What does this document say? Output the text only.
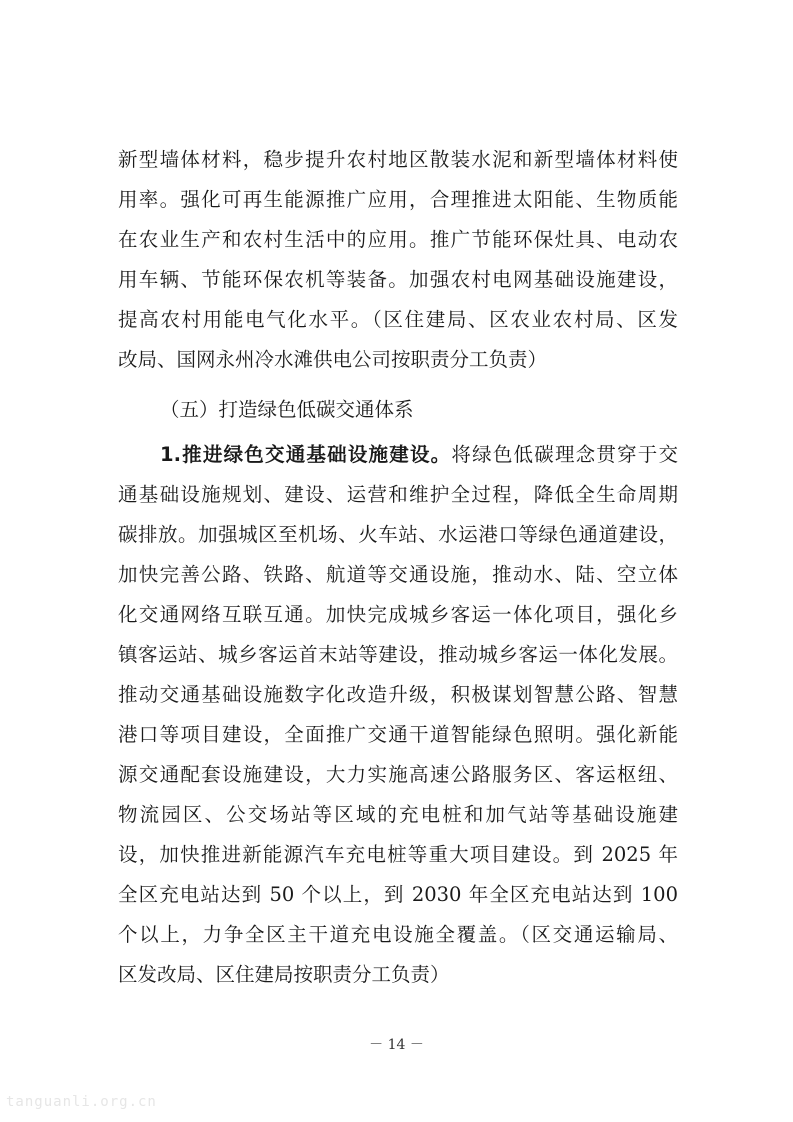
新型墙体材料，稳步提升农村地区散装水泥和新型墙体材料使
用率。强化可再生能源推广应用，合理推进太阳能、生物质能
在农业生产和农村生活中的应用。推广节能环保灶具、电动农
用车辆、节能环保农机等装备。加强农村电网基础设施建设，
提高农村用能电气化水平。（区住建局、区农业农村局、区发
改局、国网永州冷水滩供电公司按职责分工负责）
（五）打造绿色低碳交通体系
1.推进绿色交通基础设施建设。将绿色低碳理念贯穿于交
通基础设施规划、建设、运营和维护全过程，降低全生命周期
碳排放。加强城区至机场、火车站、水运港口等绿色通道建设，
加快完善公路、铁路、航道等交通设施，推动水、陆、空立体
化交通网络互联互通。加快完成城乡客运一体化项目，强化乡
镇客运站、城乡客运首末站等建设，推动城乡客运一体化发展。
推动交通基础设施数字化改造升级，积极谋划智慧公路、智慧
港口等项目建设，全面推广交通干道智能绿色照明。强化新能
源交通配套设施建设，大力实施高速公路服务区、客运枢纽、
物流园区、公交场站等区域的充电桩和加气站等基础设施建
设，加快推进新能源汽车充电桩等重大项目建设。到 2025 年
全区充电站达到 50 个以上，到 2030 年全区充电站达到 100
个以上，力争全区主干道充电设施全覆盖。（区交通运输局、
区发改局、区住建局按职责分工负责）
－ 14 －
tanguanli.org.cn
